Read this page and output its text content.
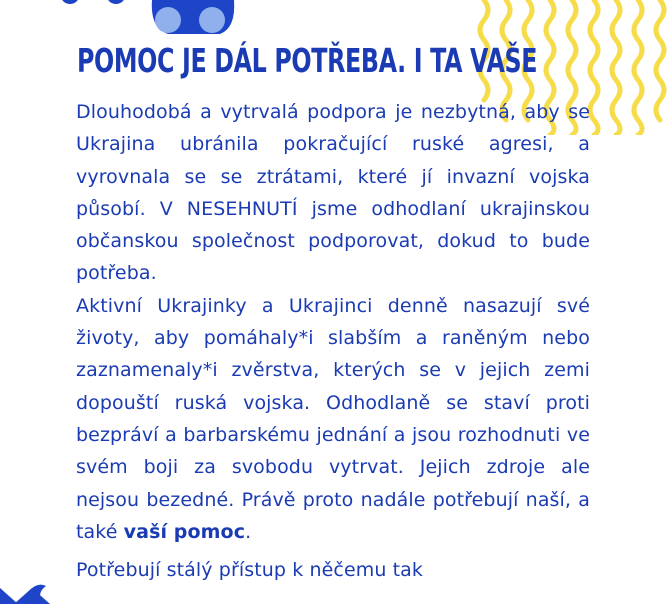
POMOC JE DÁL POTŘEBA. I TA VAŠE

Dlouhodobá a vytrvalá podpora je nezbytná, aby se Ukrajina ubránila pokračující ruské agresi, a vyrovnala se se ztrátami, které jí invazní vojska působí. V NESEHNUTÍ jsme odhodlaní ukrajinskou občanskou společnost podporovat, dokud to bude potřeba.

Aktivní Ukrajinky a Ukrajinci denně nasazují své životy, aby pomáhaly*i slabším a raněným nebo zaznamenaly*i zvěrstva, kterých se v jejich zemi dopouští ruská vojska. Odhodlaně se staví proti bezpráví a barbarskému jednání a jsou rozhodnuti ve svém boji za svobodu vytrvat. Jejich zdroje ale nejsou bezedné. Právě proto nadále potřebují naší, a také vaší pomoc.

Potřebují stálý přístup k něčemu tak
